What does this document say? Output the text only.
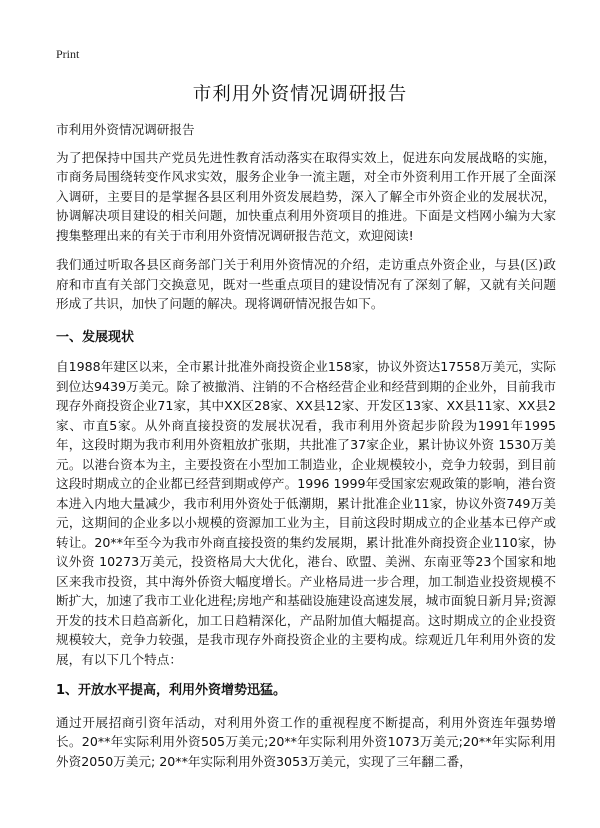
Print
市利用外资情况调研报告

市利用外资情况调研报告

为了把保持中国共产党员先进性教育活动落实在取得实效上，促进东向发展战略的实施，市商务局围绕转变作风求实效，服务企业争一流主题，对全市外资利用工作开展了全面深入调研，主要目的是掌握各县区利用外资发展趋势，深入了解全市外资企业的发展状况，协调解决项目建设的相关问题，加快重点利用外资项目的推进。下面是文档网小编为大家搜集整理出来的有关于市利用外资情况调研报告范文，欢迎阅读!

我们通过听取各县区商务部门关于利用外资情况的介绍，走访重点外资企业，与县(区)政府和市直有关部门交换意见，既对一些重点项目的建设情况有了深刻了解，又就有关问题形成了共识，加快了问题的解决。现将调研情况报告如下。

一、发展现状

自1988年建区以来，全市累计批准外商投资企业158家，协议外资达17558万美元，实际到位达9439万美元。除了被撤消、注销的不合格经营企业和经营到期的企业外，目前我市现存外商投资企业71家，其中XX区28家、XX县12家、开发区13家、XX县11家、XX县2家、市直5家。从外商直接投资的发展状况看，我市利用外资起步阶段为1991年1995年，这段时期为我市利用外资粗放扩张期，共批准了37家企业，累计协议外资 1530万美元。以港台资本为主，主要投资在小型加工制造业，企业规模较小，竞争力较弱，到目前这段时期成立的企业都已经营到期或停产。1996 1999年受国家宏观政策的影响，港台资本进入内地大量减少，我市利用外资处于低潮期，累计批准企业11家，协议外资749万美元，这期间的企业多以小规模的资源加工业为主，目前这段时期成立的企业基本已停产或转让。20**年至今为我市外商直接投资的集约发展期，累计批准外商投资企业110家，协议外资 10273万美元，投资格局大大优化，港台、欧盟、美洲、东南亚等23个国家和地区来我市投资，其中海外侨资大幅度增长。产业格局进一步合理，加工制造业投资规模不断扩大，加速了我市工业化进程;房地产和基础设施建设高速发展，城市面貌日新月异;资源开发的技术日趋高新化，加工日趋精深化，产品附加值大幅提高。这时期成立的企业投资规模较大，竞争力较强，是我市现存外商投资企业的主要构成。综观近几年利用外资的发展，有以下几个特点：

1、开放水平提高，利用外资增势迅猛。

通过开展招商引资年活动，对利用外资工作的重视程度不断提高，利用外资连年强势增长。20**年实际利用外资505万美元;20**年实际利用外资1073万美元;20**年实际利用外资2050万美元; 20**年实际利用外资3053万美元，实现了三年翻二番，
